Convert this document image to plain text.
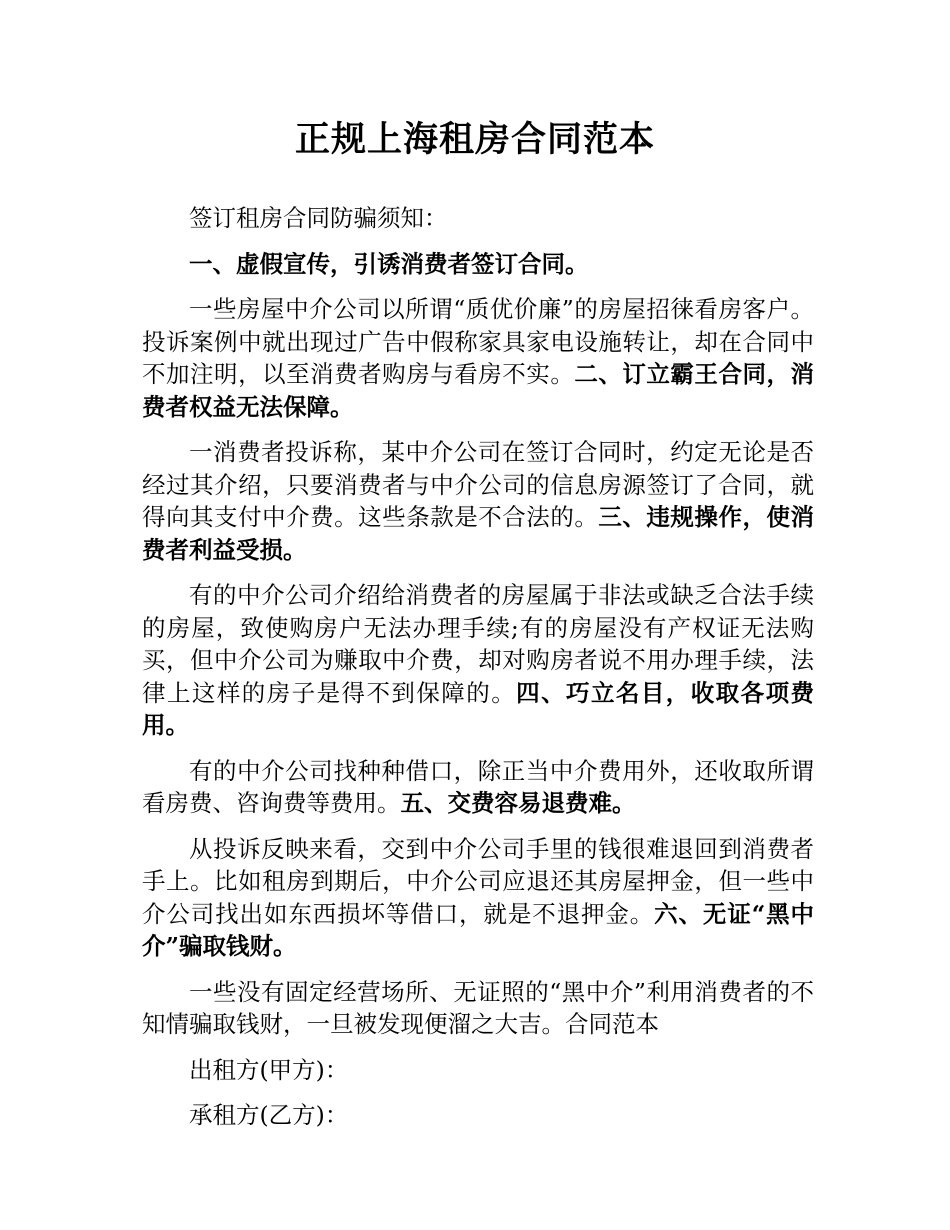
正规上海租房合同范本

签订租房合同防骗须知：

一、虚假宣传，引诱消费者签订合同。

一些房屋中介公司以所谓“质优价廉”的房屋招徕看房客户。投诉案例中就出现过广告中假称家具家电设施转让，却在合同中不加注明，以至消费者购房与看房不实。二、订立霸王合同，消费者权益无法保障。

一消费者投诉称，某中介公司在签订合同时，约定无论是否经过其介绍，只要消费者与中介公司的信息房源签订了合同，就得向其支付中介费。这些条款是不合法的。三、违规操作，使消费者利益受损。

有的中介公司介绍给消费者的房屋属于非法或缺乏合法手续的房屋，致使购房户无法办理手续;有的房屋没有产权证无法购买，但中介公司为赚取中介费，却对购房者说不用办理手续，法律上这样的房子是得不到保障的。四、巧立名目，收取各项费用。

有的中介公司找种种借口，除正当中介费用外，还收取所谓看房费、咨询费等费用。五、交费容易退费难。

从投诉反映来看，交到中介公司手里的钱很难退回到消费者手上。比如租房到期后，中介公司应退还其房屋押金，但一些中介公司找出如东西损坏等借口，就是不退押金。六、无证“黑中介”骗取钱财。

一些没有固定经营场所、无证照的“黑中介”利用消费者的不知情骗取钱财，一旦被发现便溜之大吉。合同范本

出租方(甲方)：

承租方(乙方)：
